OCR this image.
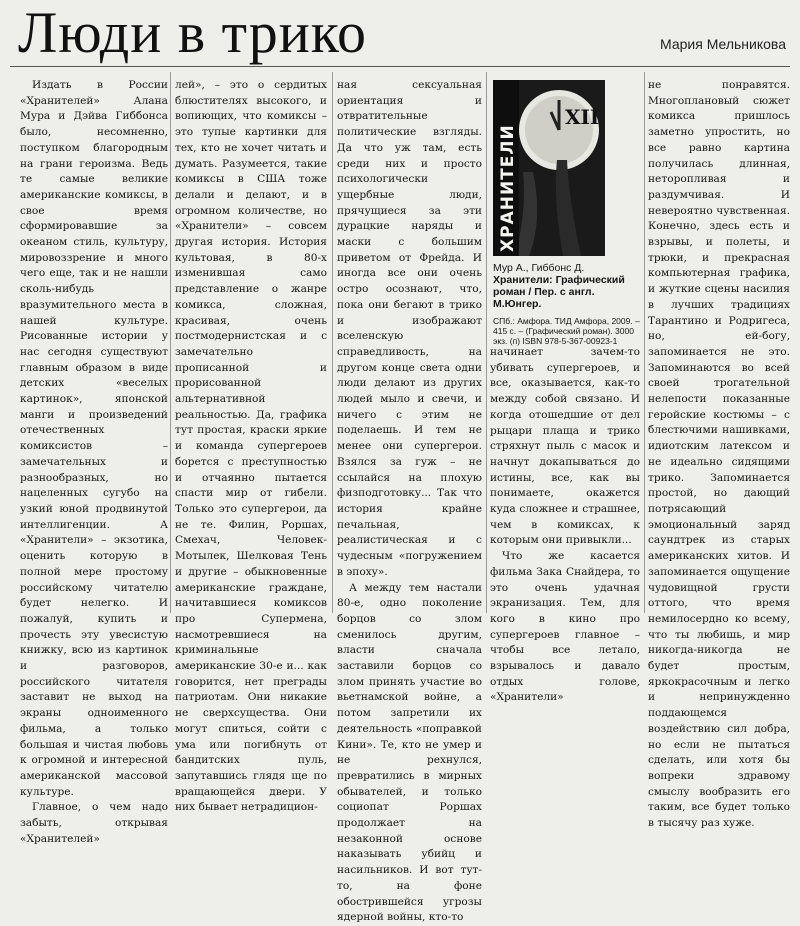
Люди в трико	Мария Мельникова

Издать в России «Хранителей» Алана Мура и Дэйва Гиббонса было, несомненно, поступком благородным на грани героизма. Ведь те самые великие американские комиксы, в свое время сформировавшие за океаном стиль, культуру, мировоззрение и много чего еще, так и не нашли сколь-нибудь вразумительного места в нашей культуре. Рисованные истории у нас сегодня существуют главным образом в виде детских «веселых картинок», японской манги и произведений отечественных комиксистов – замечательных и разнообразных, но нацеленных сугубо на узкий юной продвинутой интеллигенции. А «Хранители» – экзотика, оценить которую в полной мере простому российскому читателю будет нелегко. И пожалуй, купить и прочесть эту увесистую книжку, всю из картинок и разговоров, российского читателя заставит не выход на экраны одноименного фильма, а только большая и чистая любовь к огромной и интересной американской массовой культуре.

Главное, о чем надо забыть, открывая «Хранителей»

лей», – это о сердитых блюстителях высокого, и вопиющих, что комиксы – это тупые картинки для тех, кто не хочет читать и думать. Разумеется, такие комиксы в США тоже делали и делают, и в огромном количестве, но «Хранители» – совсем другая история. История культовая, в 80-х изменившая само представление о жанре комикса, сложная, красивая, очень постмодернистская и с замечательно прописанной и прорисованной альтернативной реальностью. Да, графика тут простая, краски яркие и команда супергероев борется с преступностью и отчаянно пытается спасти мир от гибели. Только это супергерои, да не те. Филин, Роршах, Смехач, Человек-Мотылек, Шелковая Тень и другие – обыкновенные американские граждане, начитавшиеся комиксов про Супермена, насмотревшиеся на криминальные американские 30-е и... как говорится, нет преграды патриотам. Они никакие не сверхсущества. Они могут спиться, сойти с ума или погибнуть от бандитских пуль, запутавшись глядя ще по вращающейся двери. У них бывает нетрадицион-

ная сексуальная ориентация и отвратительные политические взгляды. Да что уж там, есть среди них и просто психологически ущербные люди, прячущиеся за эти дурацкие наряды и маски с большим приветом от Фрейда. И иногда все они очень остро осознают, что, пока они бегают в трико и изображают вселенскую справедливость, на другом конце света одни люди делают из других людей мыло и свечи, и ничего с этим не поделаешь. И тем не менее они супергерои. Взялся за гуж – не ссылайся на плохую физподготовку... Так что история крайне печальная, реалистическая и с чудесным «погружением в эпоху».

А между тем настали 80-е, одно поколение борцов со злом сменилось другим, власти сначала заставили борцов со злом принять участие во вьетнамской войне, а потом запретили их деятельность «поправкой Кини». Те, кто не умер и не рехнулся, превратились в мирных обывателей, и только социопат Роршах продолжает на незаконной основе наказывать убийц и насильников. И вот тут-то, на фоне обострившейся угрозы ядерной войны, кто-то

XII
ХРАНИТЕЛИ
Мур А., Гиббонс Д.
Хранители: Графический роман / Пер. с англ. М.Юнгер.
СПб.: Амфора. ТИД Амфора, 2009. – 415 с. – (Графический роман). 3000 экз. (п) ISBN 978-5-367-00923-1

начинает зачем-то убивать супергероев, и все, оказывается, как-то между собой связано. И когда отошедшие от дел рыцари плаща и трико стряхнут пыль с масок и начнут докапываться до истины, все, как вы понимаете, окажется куда сложнее и страшнее, чем в комиксах, к которым они привыкли...

Что же касается фильма Зака Снайдера, то это очень удачная экранизация. Тем, для кого в кино про супергероев главное – чтобы все летало, взрывалось и давало отдых голове, «Хранители»

не понравятся. Многоплановый сюжет комикса пришлось заметно упростить, но все равно картина получилась длинная, неторопливая и раздумчивая. И невероятно чувственная. Конечно, здесь есть и взрывы, и полеты, и трюки, и прекрасная компьютерная графика, и жуткие сцены насилия в лучших традициях Тарантино и Родригеса, но, ей-богу, запоминается не это. Запоминаются во всей своей трогательной нелепости показанные геройские костюмы – с блестючими нашивками, идиотским латексом и не идеально сидящими трико. Запоминается простой, но дающий потрясающий эмоциональный заряд саундтрек из старых американских хитов. И запоминается ощущение чудовищной грусти оттого, что время немилосердно ко всему, что ты любишь, и мир никогда-никогда не будет простым, яркокрасочным и легко и непринужденно поддающемся воздействию сил добра, но если не пытаться сделать, или хотя бы вопреки здравому смыслу вообразить его таким, все будет только в тысячу раз хуже.
